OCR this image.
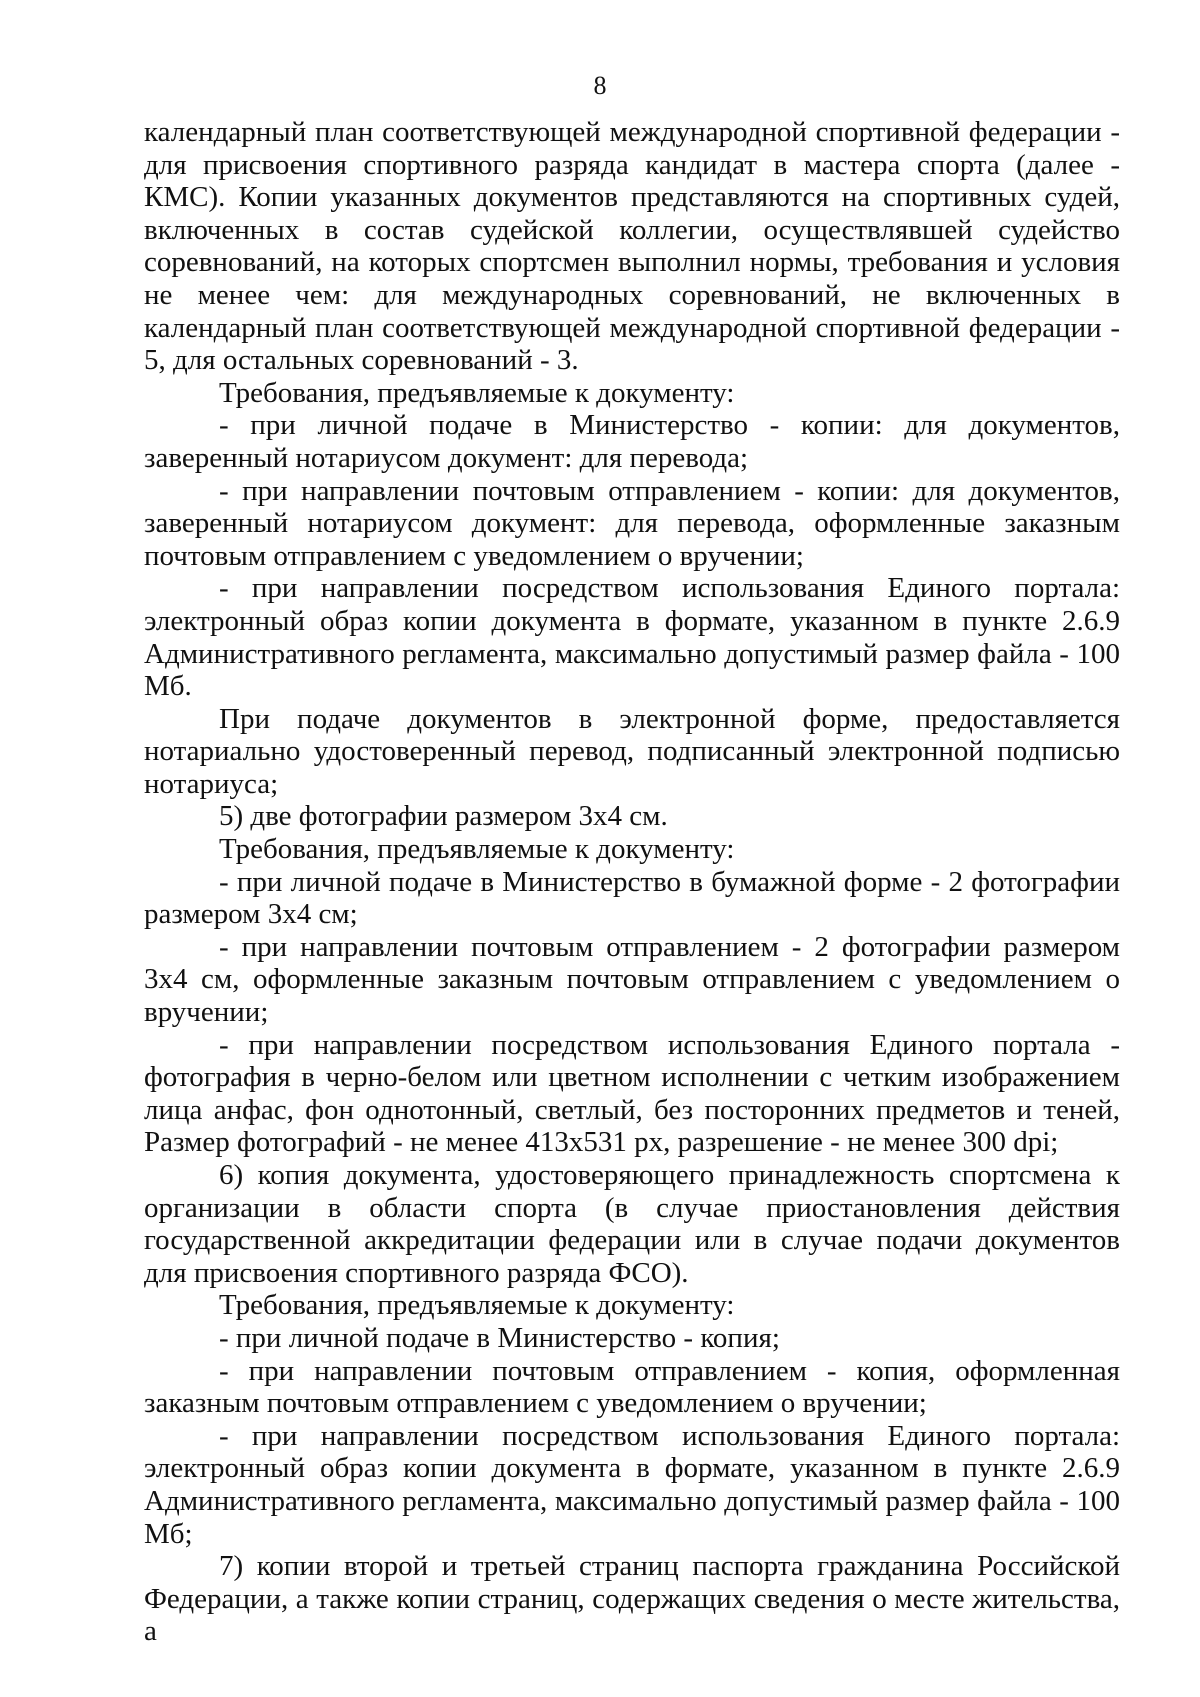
8

календарный план соответствующей международной спортивной федерации - для присвоения спортивного разряда кандидат в мастера спорта (далее - КМС). Копии указанных документов представляются на спортивных судей, включенных в состав судейской коллегии, осуществлявшей судейство соревнований, на которых спортсмен выполнил нормы, требования и условия не менее чем: для международных соревнований, не включенных в календарный план соответствующей международной спортивной федерации - 5, для остальных соревнований - 3.

Требования, предъявляемые к документу:

- при личной подаче в Министерство - копии: для документов, заверенный нотариусом документ: для перевода;

- при направлении почтовым отправлением - копии: для документов, заверенный нотариусом документ: для перевода, оформленные заказным почтовым отправлением с уведомлением о вручении;

- при направлении посредством использования Единого портала: электронный образ копии документа в формате, указанном в пункте 2.6.9 Административного регламента, максимально допустимый размер файла - 100 Мб.

При подаче документов в электронной форме, предоставляется нотариально удостоверенный перевод, подписанный электронной подписью нотариуса;

5) две фотографии размером 3х4 см.

Требования, предъявляемые к документу:

- при личной подаче в Министерство в бумажной форме - 2 фотографии размером 3х4 см;

- при направлении почтовым отправлением - 2 фотографии размером 3х4 см, оформленные заказным почтовым отправлением с уведомлением о вручении;

- при направлении посредством использования Единого портала - фотография в черно-белом или цветном исполнении с четким изображением лица анфас, фон однотонный, светлый, без посторонних предметов и теней, Размер фотографий - не менее 413x531 px, разрешение - не менее 300 dpi;

6) копия документа, удостоверяющего принадлежность спортсмена к организации в области спорта (в случае приостановления действия государственной аккредитации федерации или в случае подачи документов для присвоения спортивного разряда ФСО).

Требования, предъявляемые к документу:

- при личной подаче в Министерство - копия;

- при направлении почтовым отправлением - копия, оформленная заказным почтовым отправлением с уведомлением о вручении;

- при направлении посредством использования Единого портала: электронный образ копии документа в формате, указанном в пункте 2.6.9 Административного регламента, максимально допустимый размер файла - 100 Мб;

7) копии второй и третьей страниц паспорта гражданина Российской Федерации, а также копии страниц, содержащих сведения о месте жительства, а
